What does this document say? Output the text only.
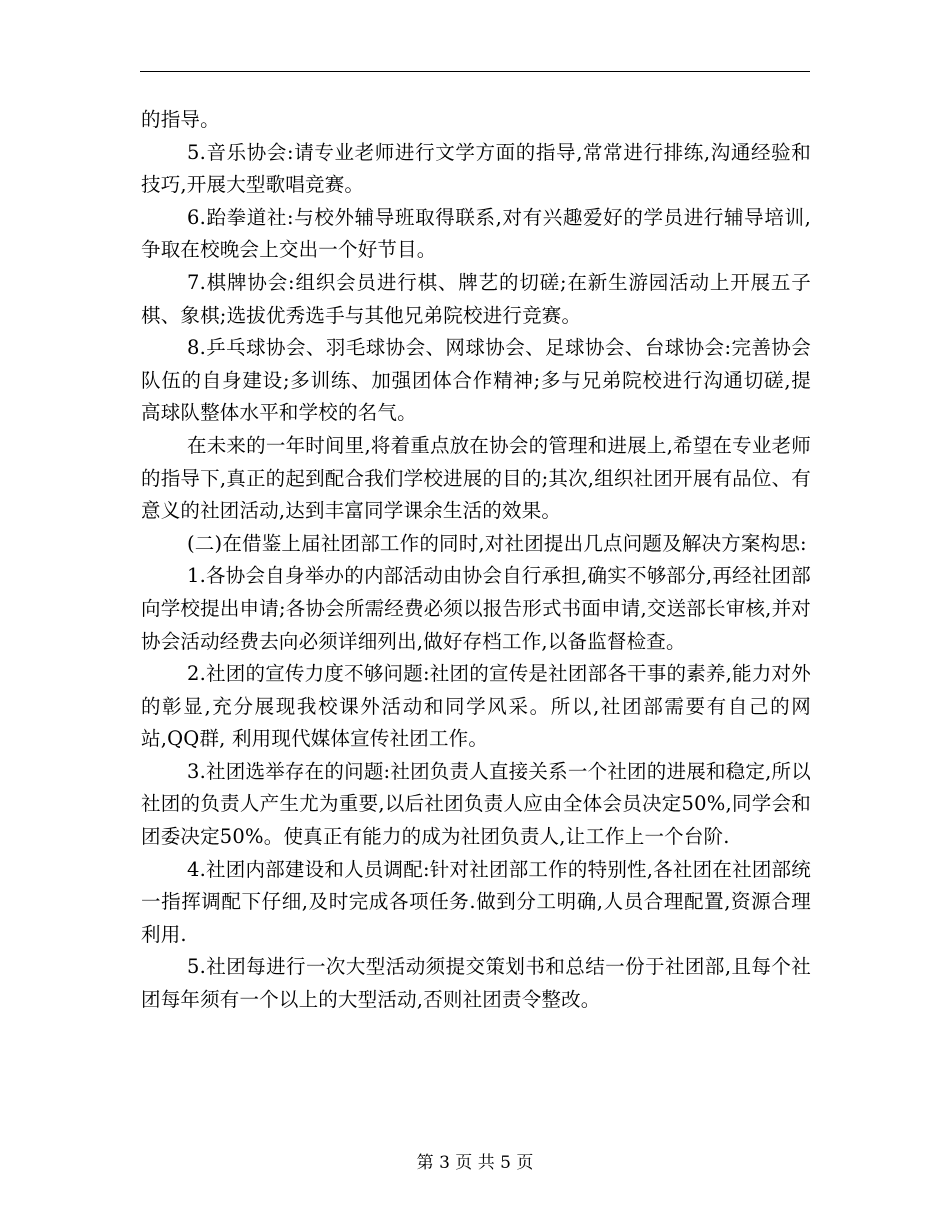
的指导。

5.音乐协会:请专业老师进行文学方面的指导,常常进行排练,沟通经验和技巧,开展大型歌唱竞赛。

6.跆拳道社:与校外辅导班取得联系,对有兴趣爱好的学员进行辅导培训,争取在校晚会上交出一个好节目。

7.棋牌协会:组织会员进行棋、牌艺的切磋;在新生游园活动上开展五子棋、象棋;选拔优秀选手与其他兄弟院校进行竞赛。

8.乒乓球协会、羽毛球协会、网球协会、足球协会、台球协会:完善协会队伍的自身建设;多训练、加强团体合作精神;多与兄弟院校进行沟通切磋,提高球队整体水平和学校的名气。

在未来的一年时间里,将着重点放在协会的管理和进展上,希望在专业老师的指导下,真正的起到配合我们学校进展的目的;其次,组织社团开展有品位、有意义的社团活动,达到丰富同学课余生活的效果。

(二)在借鉴上届社团部工作的同时,对社团提出几点问题及解决方案构思:

1.各协会自身举办的内部活动由协会自行承担,确实不够部分,再经社团部向学校提出申请;各协会所需经费必须以报告形式书面申请,交送部长审核,并对协会活动经费去向必须详细列出,做好存档工作,以备监督检查。

2.社团的宣传力度不够问题:社团的宣传是社团部各干事的素养,能力对外的彰显,充分展现我校课外活动和同学风采。所以,社团部需要有自己的网站,QQ群, 利用现代媒体宣传社团工作。

3.社团选举存在的问题:社团负责人直接关系一个社团的进展和稳定,所以社团的负责人产生尤为重要,以后社团负责人应由全体会员决定50%,同学会和团委决定50%。使真正有能力的成为社团负责人,让工作上一个台阶.

4.社团内部建设和人员调配:针对社团部工作的特别性,各社团在社团部统一指挥调配下仔细,及时完成各项任务.做到分工明确,人员合理配置,资源合理利用.

5.社团每进行一次大型活动须提交策划书和总结一份于社团部,且每个社团每年须有一个以上的大型活动,否则社团责令整改。

第 3 页 共 5 页
